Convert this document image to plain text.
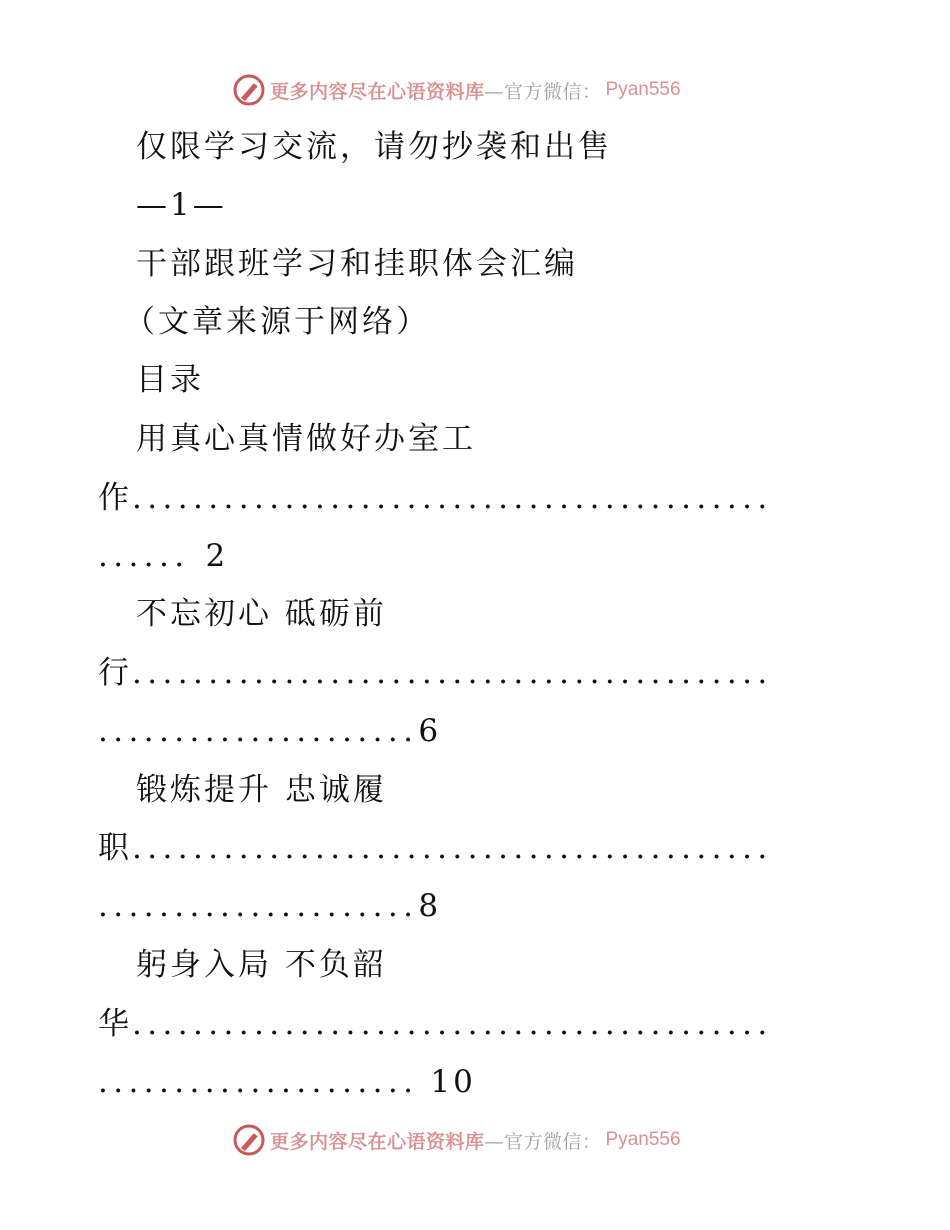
更多内容尽在心语资料库 —官方微信： Pyan556
仅限学习交流，请勿抄袭和出售
—1—
干部跟班学习和挂职体会汇编
（文章来源于网络）
目录
用真心真情做好办室工
作..........................................
...... 2
不忘初心 砥砺前
行..........................................
.....................6
锻炼提升 忠诚履
职..........................................
.....................8
躬身入局 不负韶
华..........................................
..................... 10
更多内容尽在心语资料库 —官方微信： Pyan556
